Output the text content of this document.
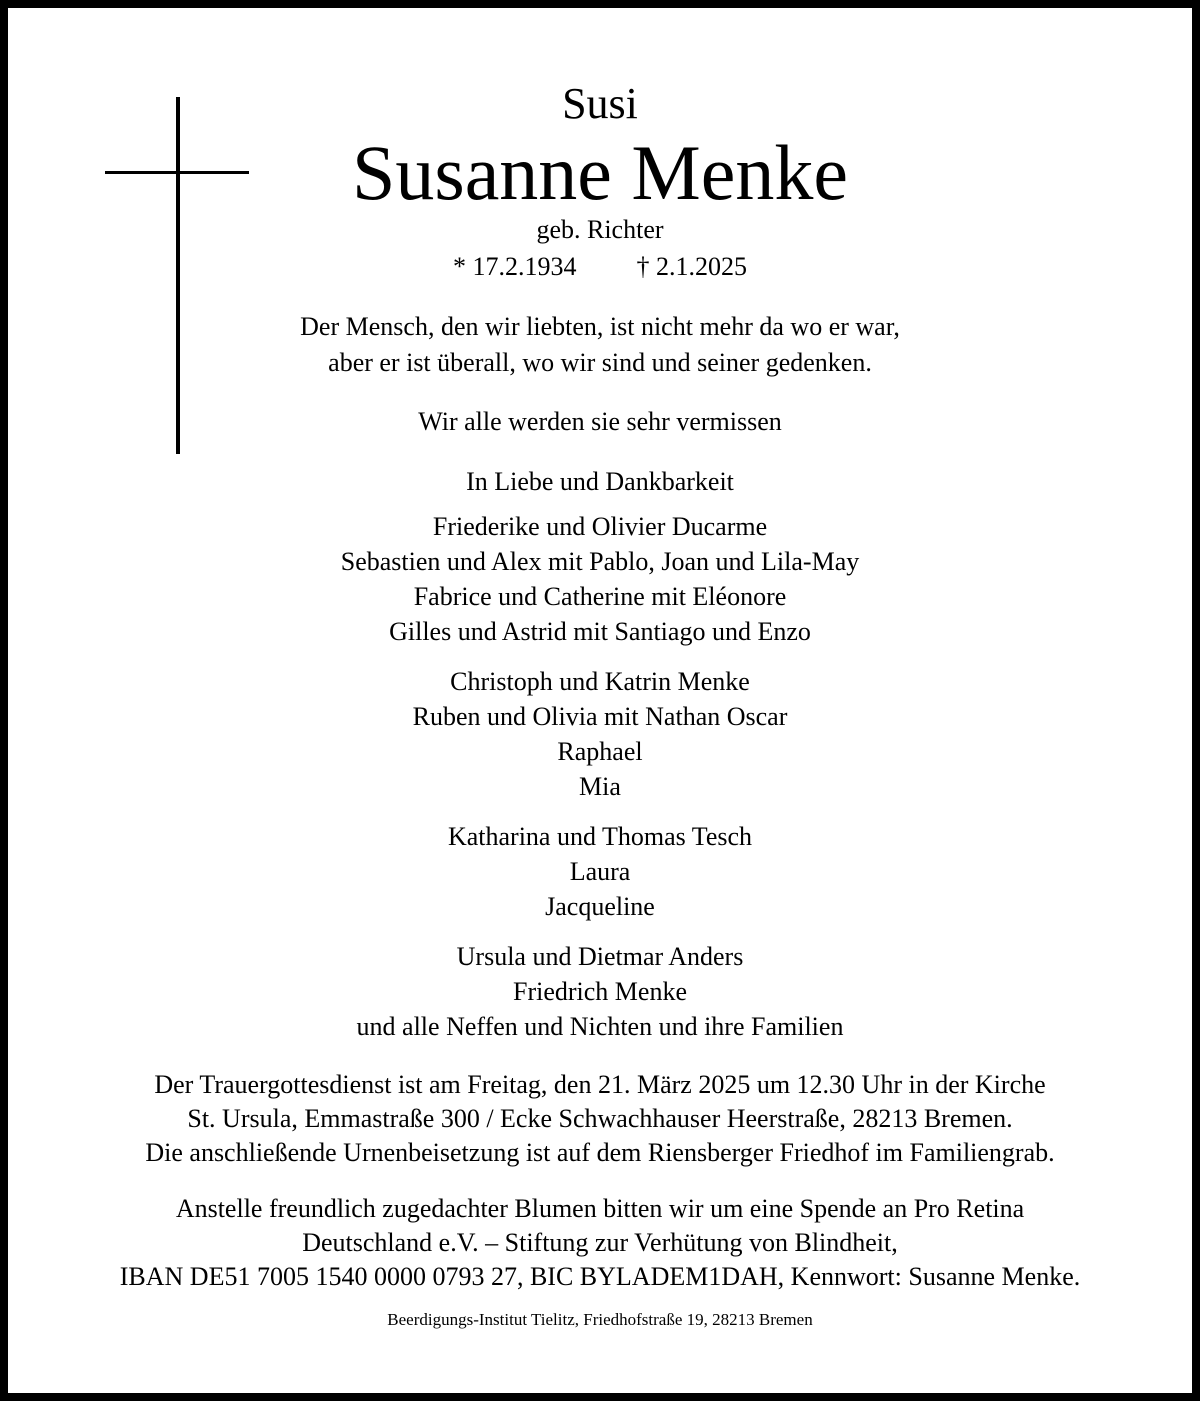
Susi
Susanne Menke
geb. Richter
* 17.2.1934 † 2.1.2025
Der Mensch, den wir liebten, ist nicht mehr da wo er war,
aber er ist überall, wo wir sind und seiner gedenken.
Wir alle werden sie sehr vermissen
In Liebe und Dankbarkeit
Friederike und Olivier Ducarme
Sebastien und Alex mit Pablo, Joan und Lila-May
Fabrice und Catherine mit Eléonore
Gilles und Astrid mit Santiago und Enzo
Christoph und Katrin Menke
Ruben und Olivia mit Nathan Oscar
Raphael
Mia
Katharina und Thomas Tesch
Laura
Jacqueline
Ursula und Dietmar Anders
Friedrich Menke
und alle Neffen und Nichten und ihre Familien
Der Trauergottesdienst ist am Freitag, den 21. März 2025 um 12.30 Uhr in der Kirche
St. Ursula, Emmastraße 300 / Ecke Schwachhauser Heerstraße, 28213 Bremen.
Die anschließende Urnenbeisetzung ist auf dem Riensberger Friedhof im Familiengrab.
Anstelle freundlich zugedachter Blumen bitten wir um eine Spende an Pro Retina
Deutschland e.V. – Stiftung zur Verhütung von Blindheit,
IBAN DE51 7005 1540 0000 0793 27, BIC BYLADEM1DAH, Kennwort: Susanne Menke.
Beerdigungs-Institut Tielitz, Friedhofstraße 19, 28213 Bremen
